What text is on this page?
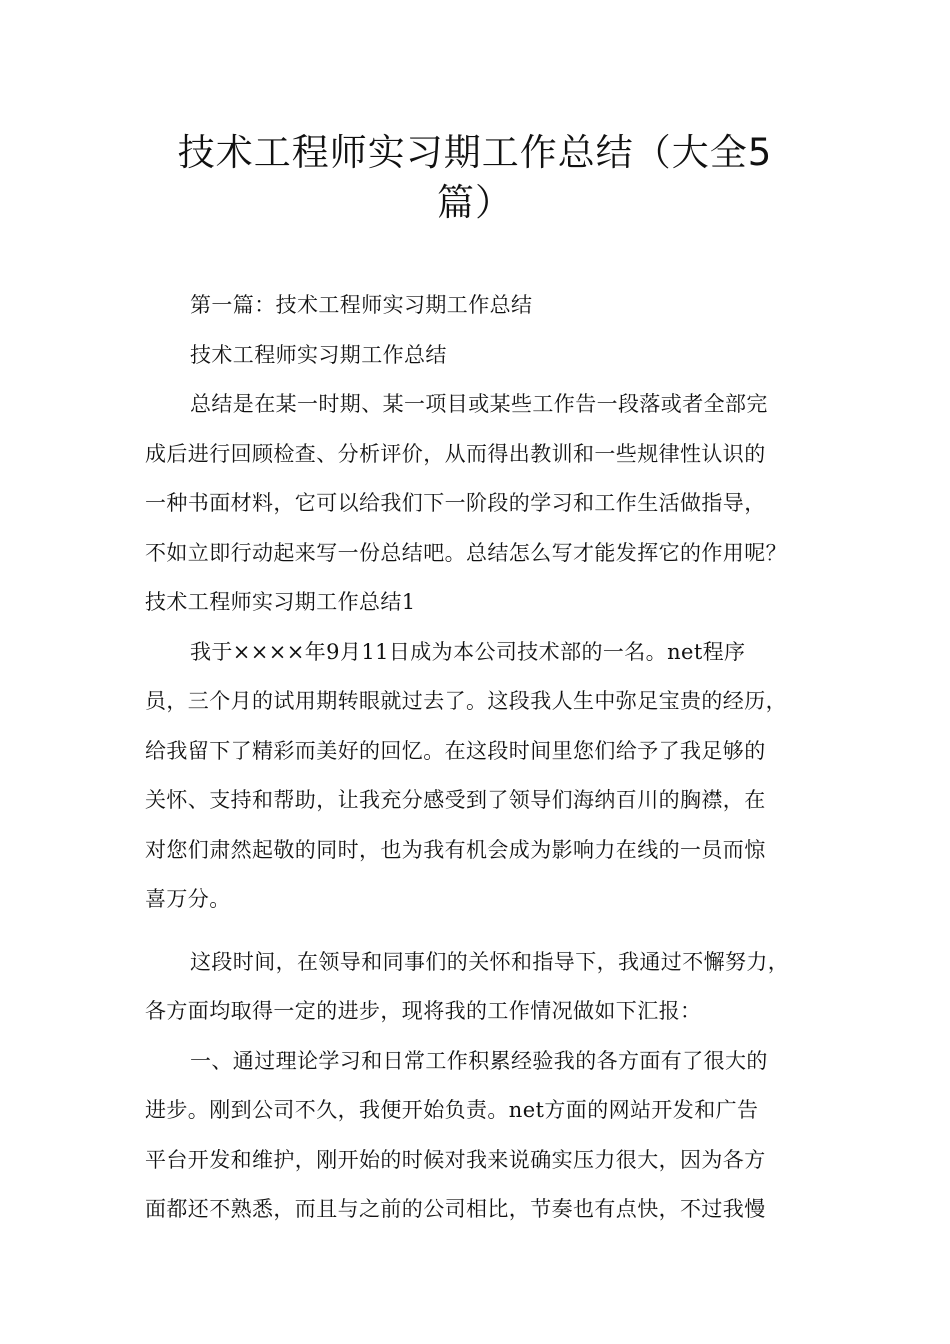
技术工程师实习期工作总结（大全5
篇）
第一篇：技术工程师实习期工作总结
技术工程师实习期工作总结
总结是在某一时期、某一项目或某些工作告一段落或者全部完
成后进行回顾检查、分析评价，从而得出教训和一些规律性认识的
一种书面材料，它可以给我们下一阶段的学习和工作生活做指导，
不如立即行动起来写一份总结吧。总结怎么写才能发挥它的作用呢？
技术工程师实习期工作总结1
我于××××年9月11日成为本公司技术部的一名。net程序
员，三个月的试用期转眼就过去了。这段我人生中弥足宝贵的经历，
给我留下了精彩而美好的回忆。在这段时间里您们给予了我足够的
关怀、支持和帮助，让我充分感受到了领导们海纳百川的胸襟，在
对您们肃然起敬的同时，也为我有机会成为影响力在线的一员而惊
喜万分。
这段时间，在领导和同事们的关怀和指导下，我通过不懈努力，
各方面均取得一定的进步，现将我的工作情况做如下汇报：
一、通过理论学习和日常工作积累经验我的各方面有了很大的
进步。刚到公司不久，我便开始负责。net方面的网站开发和广告
平台开发和维护，刚开始的时候对我来说确实压力很大，因为各方
面都还不熟悉，而且与之前的公司相比，节奏也有点快，不过我慢
